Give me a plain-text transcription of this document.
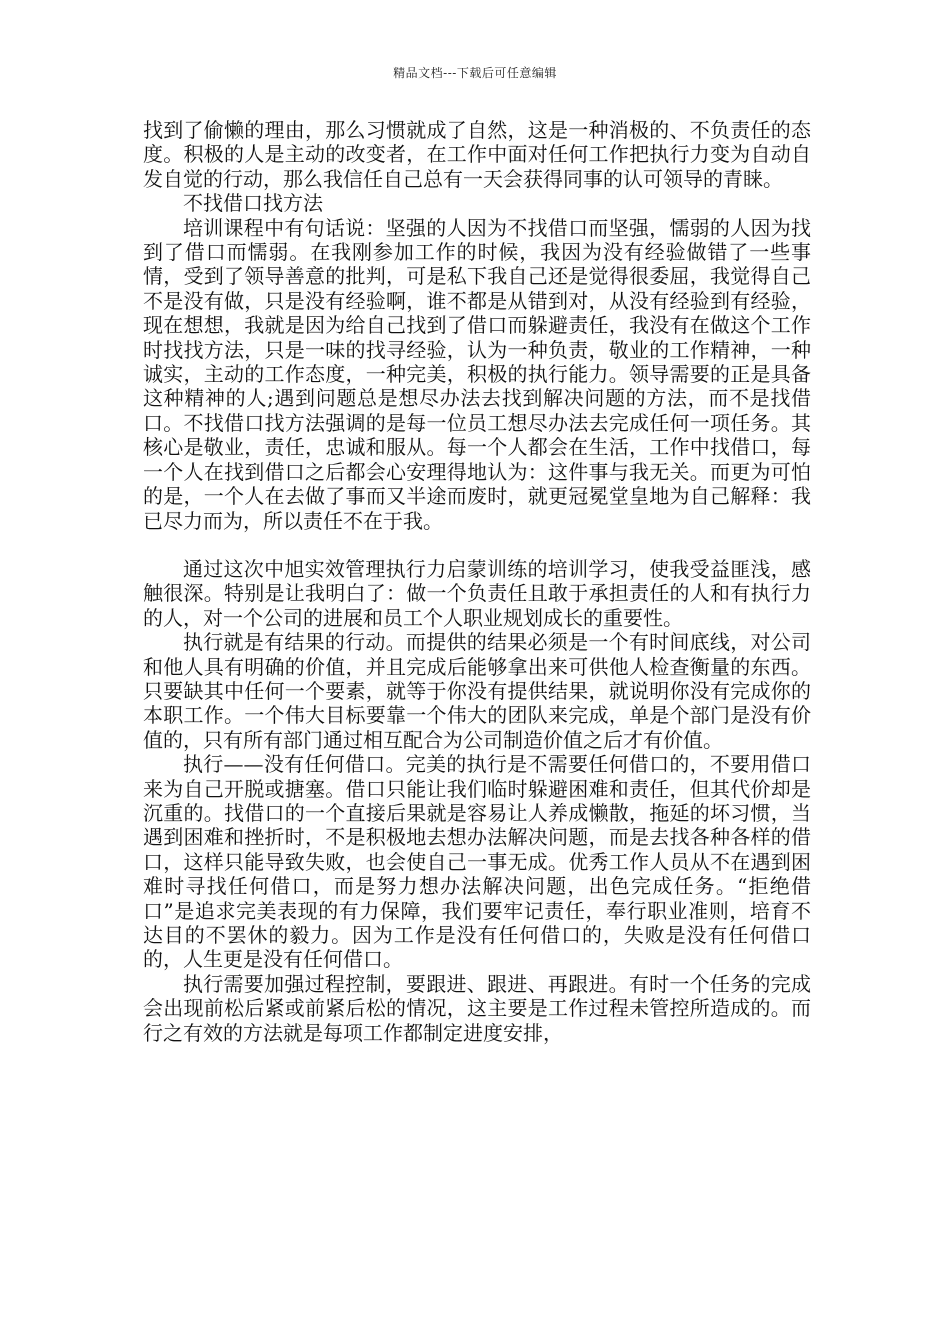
精品文档---下载后可任意编辑

找到了偷懒的理由，那么习惯就成了自然，这是一种消极的、不负责任的态度。积极的人是主动的改变者，在工作中面对任何工作把执行力变为自动自发自觉的行动，那么我信任自己总有一天会获得同事的认可领导的青睐。

不找借口找方法

培训课程中有句话说：坚强的人因为不找借口而坚强，懦弱的人因为找到了借口而懦弱。在我刚参加工作的时候，我因为没有经验做错了一些事情，受到了领导善意的批判，可是私下我自己还是觉得很委屈，我觉得自己不是没有做，只是没有经验啊，谁不都是从错到对，从没有经验到有经验，现在想想，我就是因为给自己找到了借口而躲避责任，我没有在做这个工作时找找方法，只是一味的找寻经验，认为一种负责，敬业的工作精神，一种诚实，主动的工作态度，一种完美，积极的执行能力。领导需要的正是具备这种精神的人;遇到问题总是想尽办法去找到解决问题的方法，而不是找借口。不找借口找方法强调的是每一位员工想尽办法去完成任何一项任务。其核心是敬业，责任，忠诚和服从。每一个人都会在生活，工作中找借口，每一个人在找到借口之后都会心安理得地认为：这件事与我无关。而更为可怕的是，一个人在去做了事而又半途而废时，就更冠冕堂皇地为自己解释：我已尽力而为，所以责任不在于我。

通过这次中旭实效管理执行力启蒙训练的培训学习，使我受益匪浅，感触很深。特别是让我明白了：做一个负责任且敢于承担责任的人和有执行力的人，对一个公司的进展和员工个人职业规划成长的重要性。

执行就是有结果的行动。而提供的结果必须是一个有时间底线，对公司和他人具有明确的价值，并且完成后能够拿出来可供他人检查衡量的东西。只要缺其中任何一个要素，就等于你没有提供结果，就说明你没有完成你的本职工作。一个伟大目标要靠一个伟大的团队来完成，单是个部门是没有价值的，只有所有部门通过相互配合为公司制造价值之后才有价值。

执行——没有任何借口。完美的执行是不需要任何借口的，不要用借口来为自己开脱或搪塞。借口只能让我们临时躲避困难和责任，但其代价却是沉重的。找借口的一个直接后果就是容易让人养成懒散，拖延的坏习惯，当遇到困难和挫折时，不是积极地去想办法解决问题，而是去找各种各样的借口，这样只能导致失败，也会使自己一事无成。优秀工作人员从不在遇到困难时寻找任何借口，而是努力想办法解决问题，出色完成任务。“拒绝借口”是追求完美表现的有力保障，我们要牢记责任，奉行职业准则，培育不达目的不罢休的毅力。因为工作是没有任何借口的，失败是没有任何借口的，人生更是没有任何借口。

执行需要加强过程控制，要跟进、跟进、再跟进。有时一个任务的完成会出现前松后紧或前紧后松的情况，这主要是工作过程未管控所造成的。而行之有效的方法就是每项工作都制定进度安排，
